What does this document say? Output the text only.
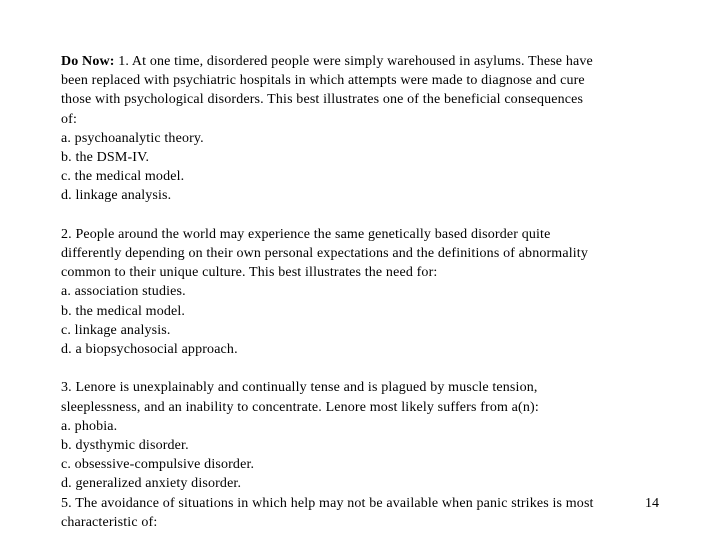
Do Now: 1. At one time, disordered people were simply warehoused in asylums. These have
been replaced with psychiatric hospitals in which attempts were made to diagnose and cure
those with psychological disorders. This best illustrates one of the beneficial consequences
of:
a. psychoanalytic theory.
b. the DSM-IV.
c. the medical model.
d. linkage analysis.
2. People around the world may experience the same genetically based disorder quite
differently depending on their own personal expectations and the definitions of abnormality
common to their unique culture. This best illustrates the need for:
a. association studies.
b. the medical model.
c. linkage analysis.
d. a biopsychosocial approach.
3. Lenore is unexplainably and continually tense and is plagued by muscle tension,
sleeplessness, and an inability to concentrate. Lenore most likely suffers from a(n):
a. phobia.
b. dysthymic disorder.
c. obsessive-compulsive disorder.
d. generalized anxiety disorder.
5. The avoidance of situations in which help may not be available when panic strikes is most
characteristic of:
14
